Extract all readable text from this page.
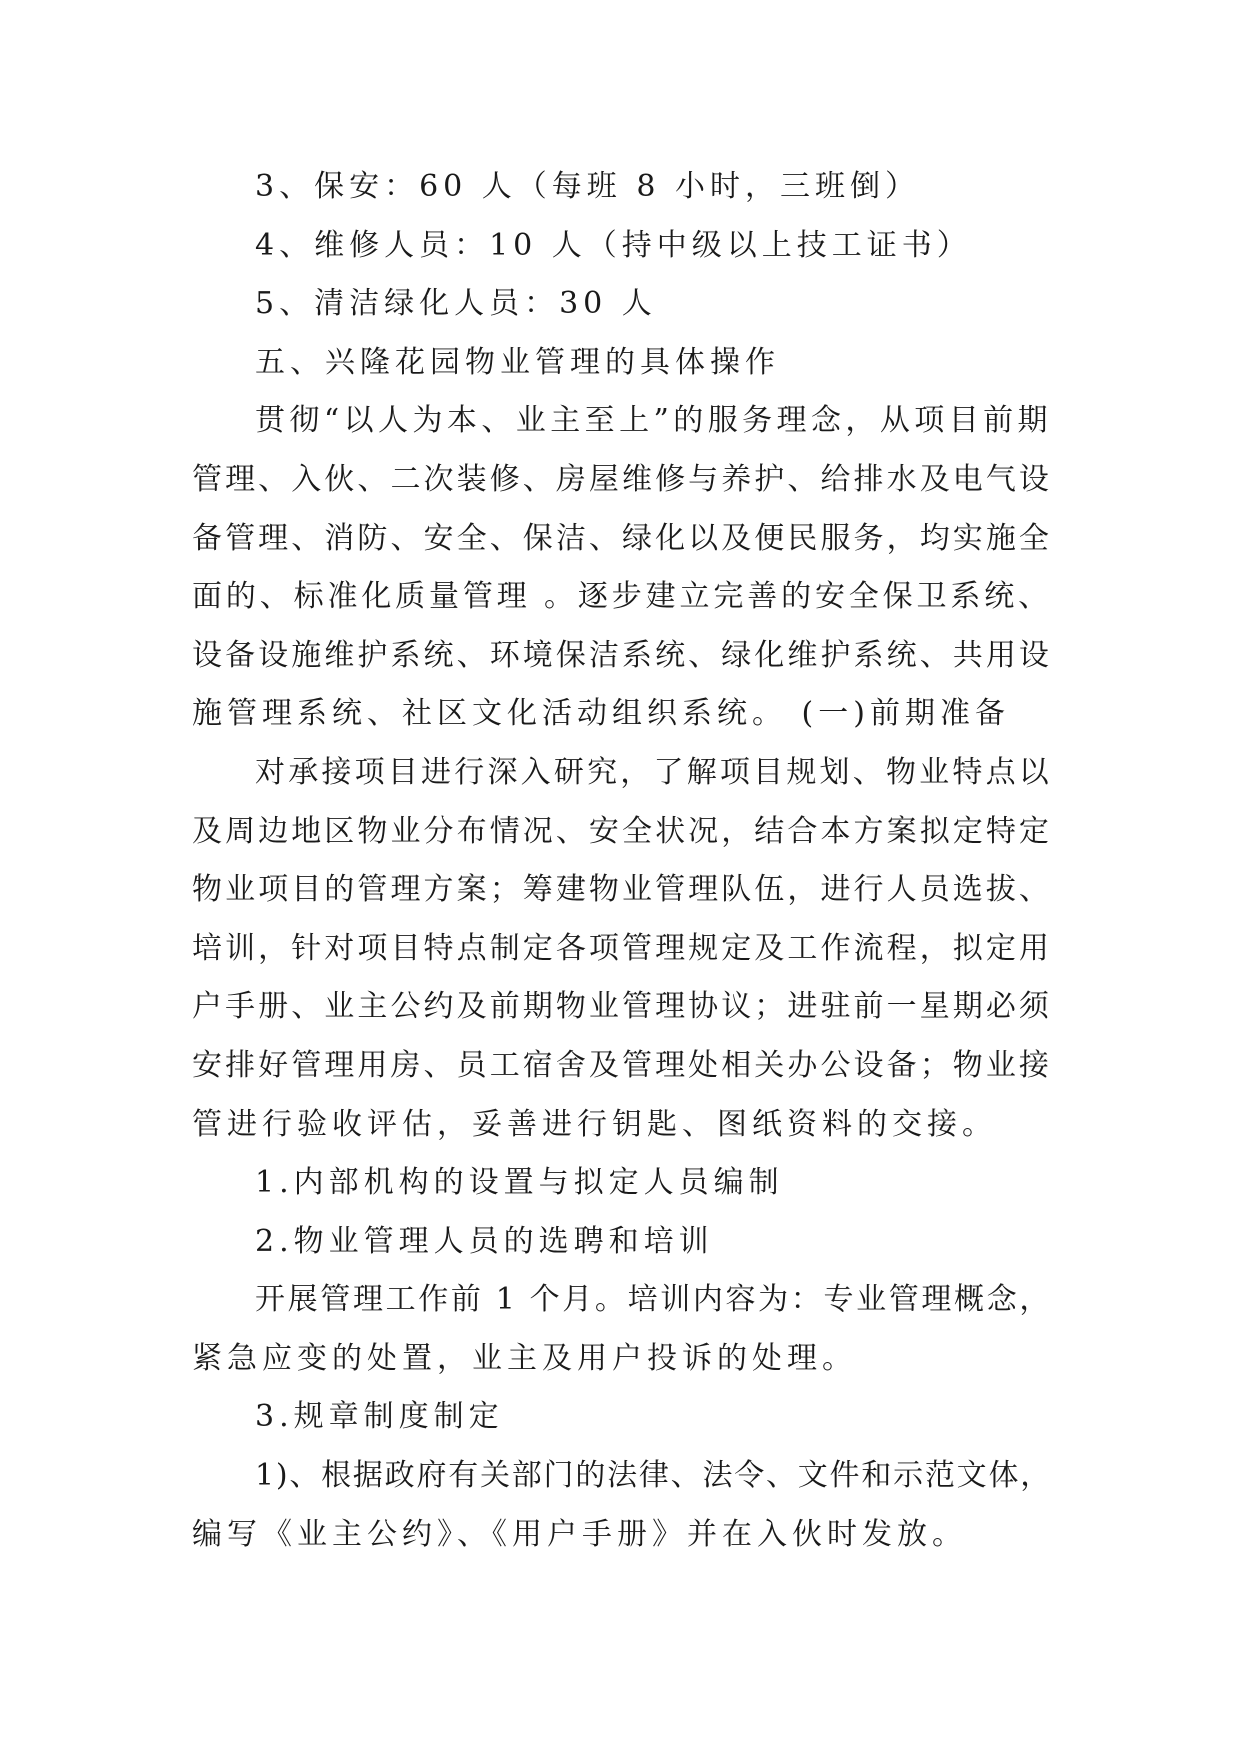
3、保安：60 人（每班 8 小时，三班倒）
4、维修人员：10 人（持中级以上技工证书）
5、清洁绿化人员：30 人
五、兴隆花园物业管理的具体操作
贯彻“以人为本、业主至上”的服务理念，从项目前期
管理、入伙、二次装修、房屋维修与养护、给排水及电气设
备管理、消防、安全、保洁、绿化以及便民服务，均实施全
面的、标准化质量管理 。逐步建立完善的安全保卫系统、
设备设施维护系统、环境保洁系统、绿化维护系统、共用设
施管理系统、社区文化活动组织系统。 (一)前期准备
对承接项目进行深入研究，了解项目规划、物业特点以
及周边地区物业分布情况、安全状况，结合本方案拟定特定
物业项目的管理方案；筹建物业管理队伍，进行人员选拔、
培训，针对项目特点制定各项管理规定及工作流程，拟定用
户手册、业主公约及前期物业管理协议；进驻前一星期必须
安排好管理用房、员工宿舍及管理处相关办公设备；物业接
管进行验收评估，妥善进行钥匙、图纸资料的交接。
1.内部机构的设置与拟定人员编制
2.物业管理人员的选聘和培训
开展管理工作前 1 个月。培训内容为：专业管理概念，
紧急应变的处置，业主及用户投诉的处理。
3.规章制度制定
1)、根据政府有关部门的法律、法令、文件和示范文体，
编写《业主公约》、《用户手册》并在入伙时发放。
